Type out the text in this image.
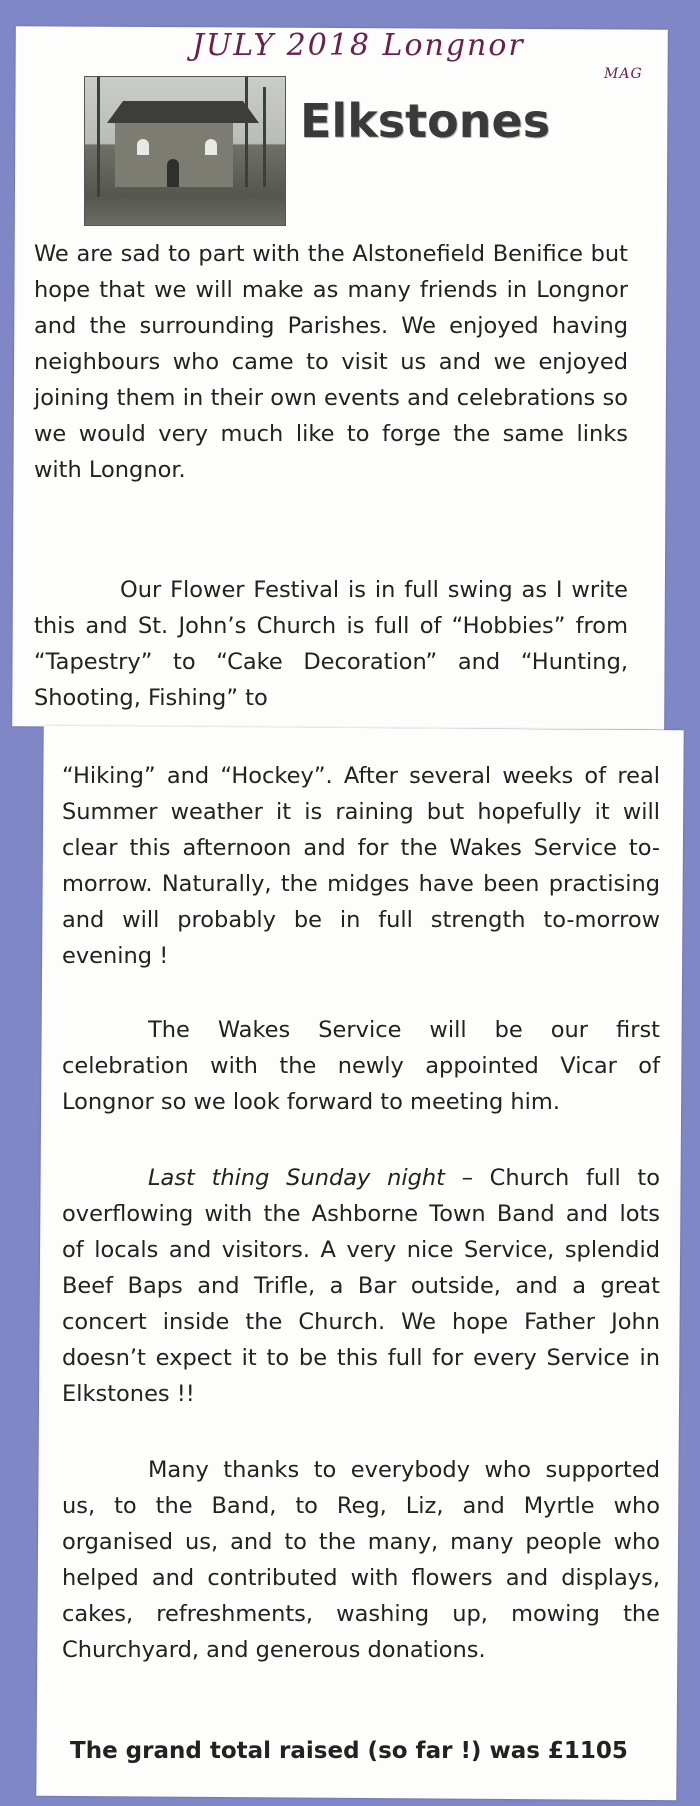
JULY 2018 Longnor
MAG
Elkstones

We are sad to part with the Alstonefield Benifice but hope that we will make as many friends in Longnor and the surrounding Parishes. We enjoyed having neighbours who came to visit us and we enjoyed joining them in their own events and celebrations so we would very much like to forge the same links with Longnor.

Our Flower Festival is in full swing as I write this and St. John’s Church is full of “Hobbies” from “Tapestry” to “Cake Decoration” and “Hunting, Shooting, Fishing” to

“Hiking” and “Hockey”. After several weeks of real Summer weather it is raining but hopefully it will clear this afternoon and for the Wakes Service to-morrow. Naturally, the midges have been practising and will probably be in full strength to-morrow evening !

The Wakes Service will be our first celebration with the newly appointed Vicar of Longnor so we look forward to meeting him.

Last thing Sunday night – Church full to overflowing with the Ashborne Town Band and lots of locals and visitors. A very nice Service, splendid Beef Baps and Trifle, a Bar outside, and a great concert inside the Church. We hope Father John doesn’t expect it to be this full for every Service in Elkstones !!

Many thanks to everybody who supported us, to the Band, to Reg, Liz, and Myrtle who organised us, and to the many, many people who helped and contributed with flowers and displays, cakes, refreshments, washing up, mowing the Churchyard, and generous donations.

The grand total raised (so far !) was £1105
